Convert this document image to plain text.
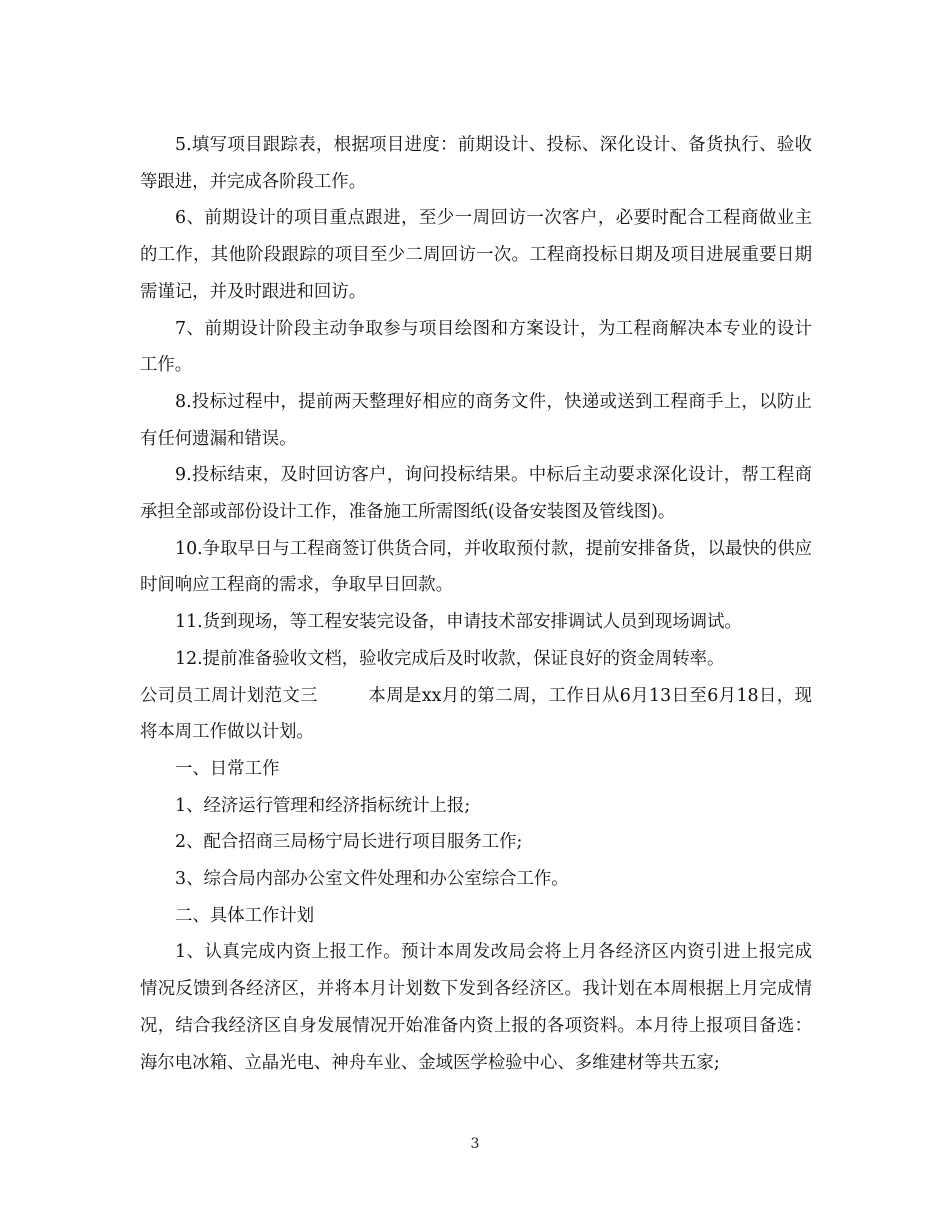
5.填写项目跟踪表，根据项目进度：前期设计、投标、深化设计、备货执行、验收等跟进，并完成各阶段工作。

6、前期设计的项目重点跟进，至少一周回访一次客户，必要时配合工程商做业主的工作，其他阶段跟踪的项目至少二周回访一次。工程商投标日期及项目进展重要日期需谨记，并及时跟进和回访。

7、前期设计阶段主动争取参与项目绘图和方案设计，为工程商解决本专业的设计工作。

8.投标过程中，提前两天整理好相应的商务文件，快递或送到工程商手上，以防止有任何遗漏和错误。

9.投标结束，及时回访客户，询问投标结果。中标后主动要求深化设计，帮工程商承担全部或部份设计工作，准备施工所需图纸(设备安装图及管线图)。

10.争取早日与工程商签订供货合同，并收取预付款，提前安排备货，以最快的供应时间响应工程商的需求，争取早日回款。

11.货到现场，等工程安装完设备，申请技术部安排调试人员到现场调试。

12.提前准备验收文档，验收完成后及时收款，保证良好的资金周转率。

公司员工周计划范文三	本周是xx月的第二周，工作日从6月13日至6月18日，现将本周工作做以计划。

一、日常工作

1、经济运行管理和经济指标统计上报;

2、配合招商三局杨宁局长进行项目服务工作;

3、综合局内部办公室文件处理和办公室综合工作。

二、具体工作计划

1、认真完成内资上报工作。预计本周发改局会将上月各经济区内资引进上报完成情况反馈到各经济区，并将本月计划数下发到各经济区。我计划在本周根据上月完成情况，结合我经济区自身发展情况开始准备内资上报的各项资料。本月待上报项目备选：海尔电冰箱、立晶光电、神舟车业、金域医学检验中心、多维建材等共五家;

3
